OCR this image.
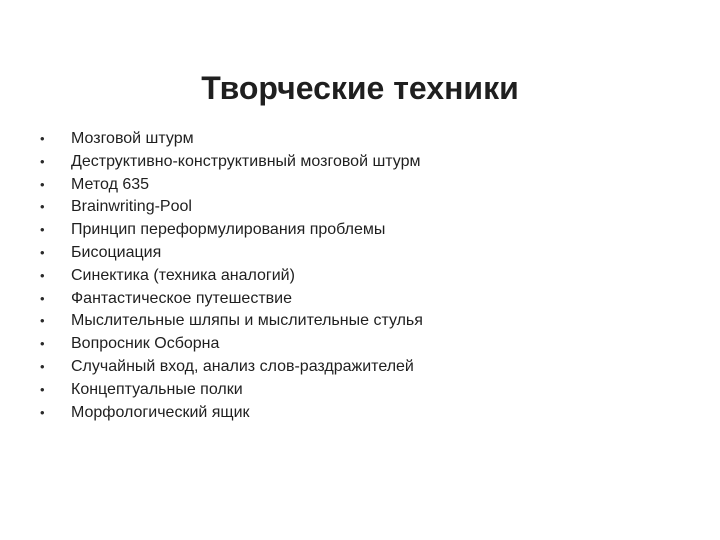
Творческие техники
•	Мозговой штурм
•	Деструктивно-конструктивный мозговой штурм
•	Метод 635
•	Brainwriting-Pool
•	Принцип переформулирования проблемы
•	Бисоциация
•	Синектика (техника аналогий)
•	Фантастическое путешествие
•	Мыслительные шляпы и мыслительные стулья
•	Вопросник Осборна
•	Случайный вход, анализ слов-раздражителей
•	Концептуальные полки
•	Морфологический ящик
